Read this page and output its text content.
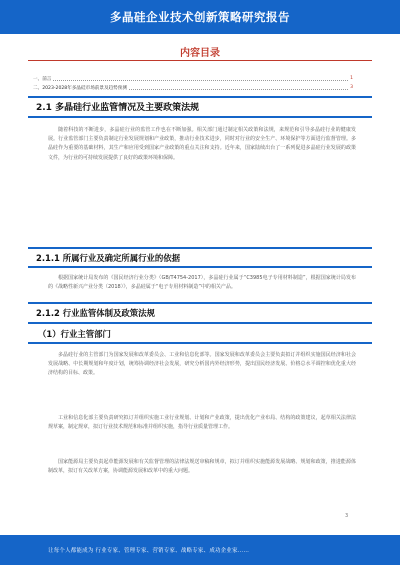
多晶硅企业技术创新策略研究报告
内容目录
一、前言	1
二、2023-2028年多晶硅市场前景及趋势预测	3
2.1 多晶硅行业监管情况及主要政策法规
随着科技的不断进步，多晶硅行业的监管工作也在不断加强。相关部门通过制定相关政策和法规，来规范和引导多晶硅行业的健康发展。行业监管部门主要负责制定行业发展规划和产业政策，推动行业技术进步，同时对行业的安全生产、环境保护等方面进行监督管理。多晶硅作为重要的基础材料，其生产和应用受到国家产业政策的重点关注和支持。近年来，国家陆续出台了一系列促进多晶硅行业发展的政策文件，为行业的可持续发展提供了良好的政策环境和保障。
2.1.1 所属行业及确定所属行业的依据
根据国家统计局发布的《国民经济行业分类》（GB/T4754-2017），多晶硅行业属于“C3985电子专用材料制造”，根据国家统计局发布的《战略性新兴产业分类（2018）》，多晶硅属于“电子专用材料制造”中的相关产品。
2.1.2 行业监管体制及政策法规
（1）行业主管部门
多晶硅行业的主管部门为国家发展和改革委员会、工业和信息化部等。国家发展和改革委员会主要负责拟订并组织实施国民经济和社会发展战略、中长期规划和年度计划，统筹协调经济社会发展，研究分析国内外经济形势，提出国民经济发展、价格总水平调控和优化重大经济结构的目标、政策。
工业和信息化部主要负责研究拟订并组织实施工业行业规划、计划和产业政策，提出优化产业布局、结构的政策建议，起草相关法律法规草案，制定规章，拟订行业技术规范和标准并组织实施，指导行业质量管理工作。
国家能源局主要负责起草能源发展和有关监督管理的法律法规送审稿和规章，拟订并组织实施能源发展战略、规划和政策，推进能源体制改革，拟订有关改革方案，协调能源发展和改革中的重大问题。
3
让每个人都能成为 行业专家、管理专家、营销专家、战略专家、成功企业家……
